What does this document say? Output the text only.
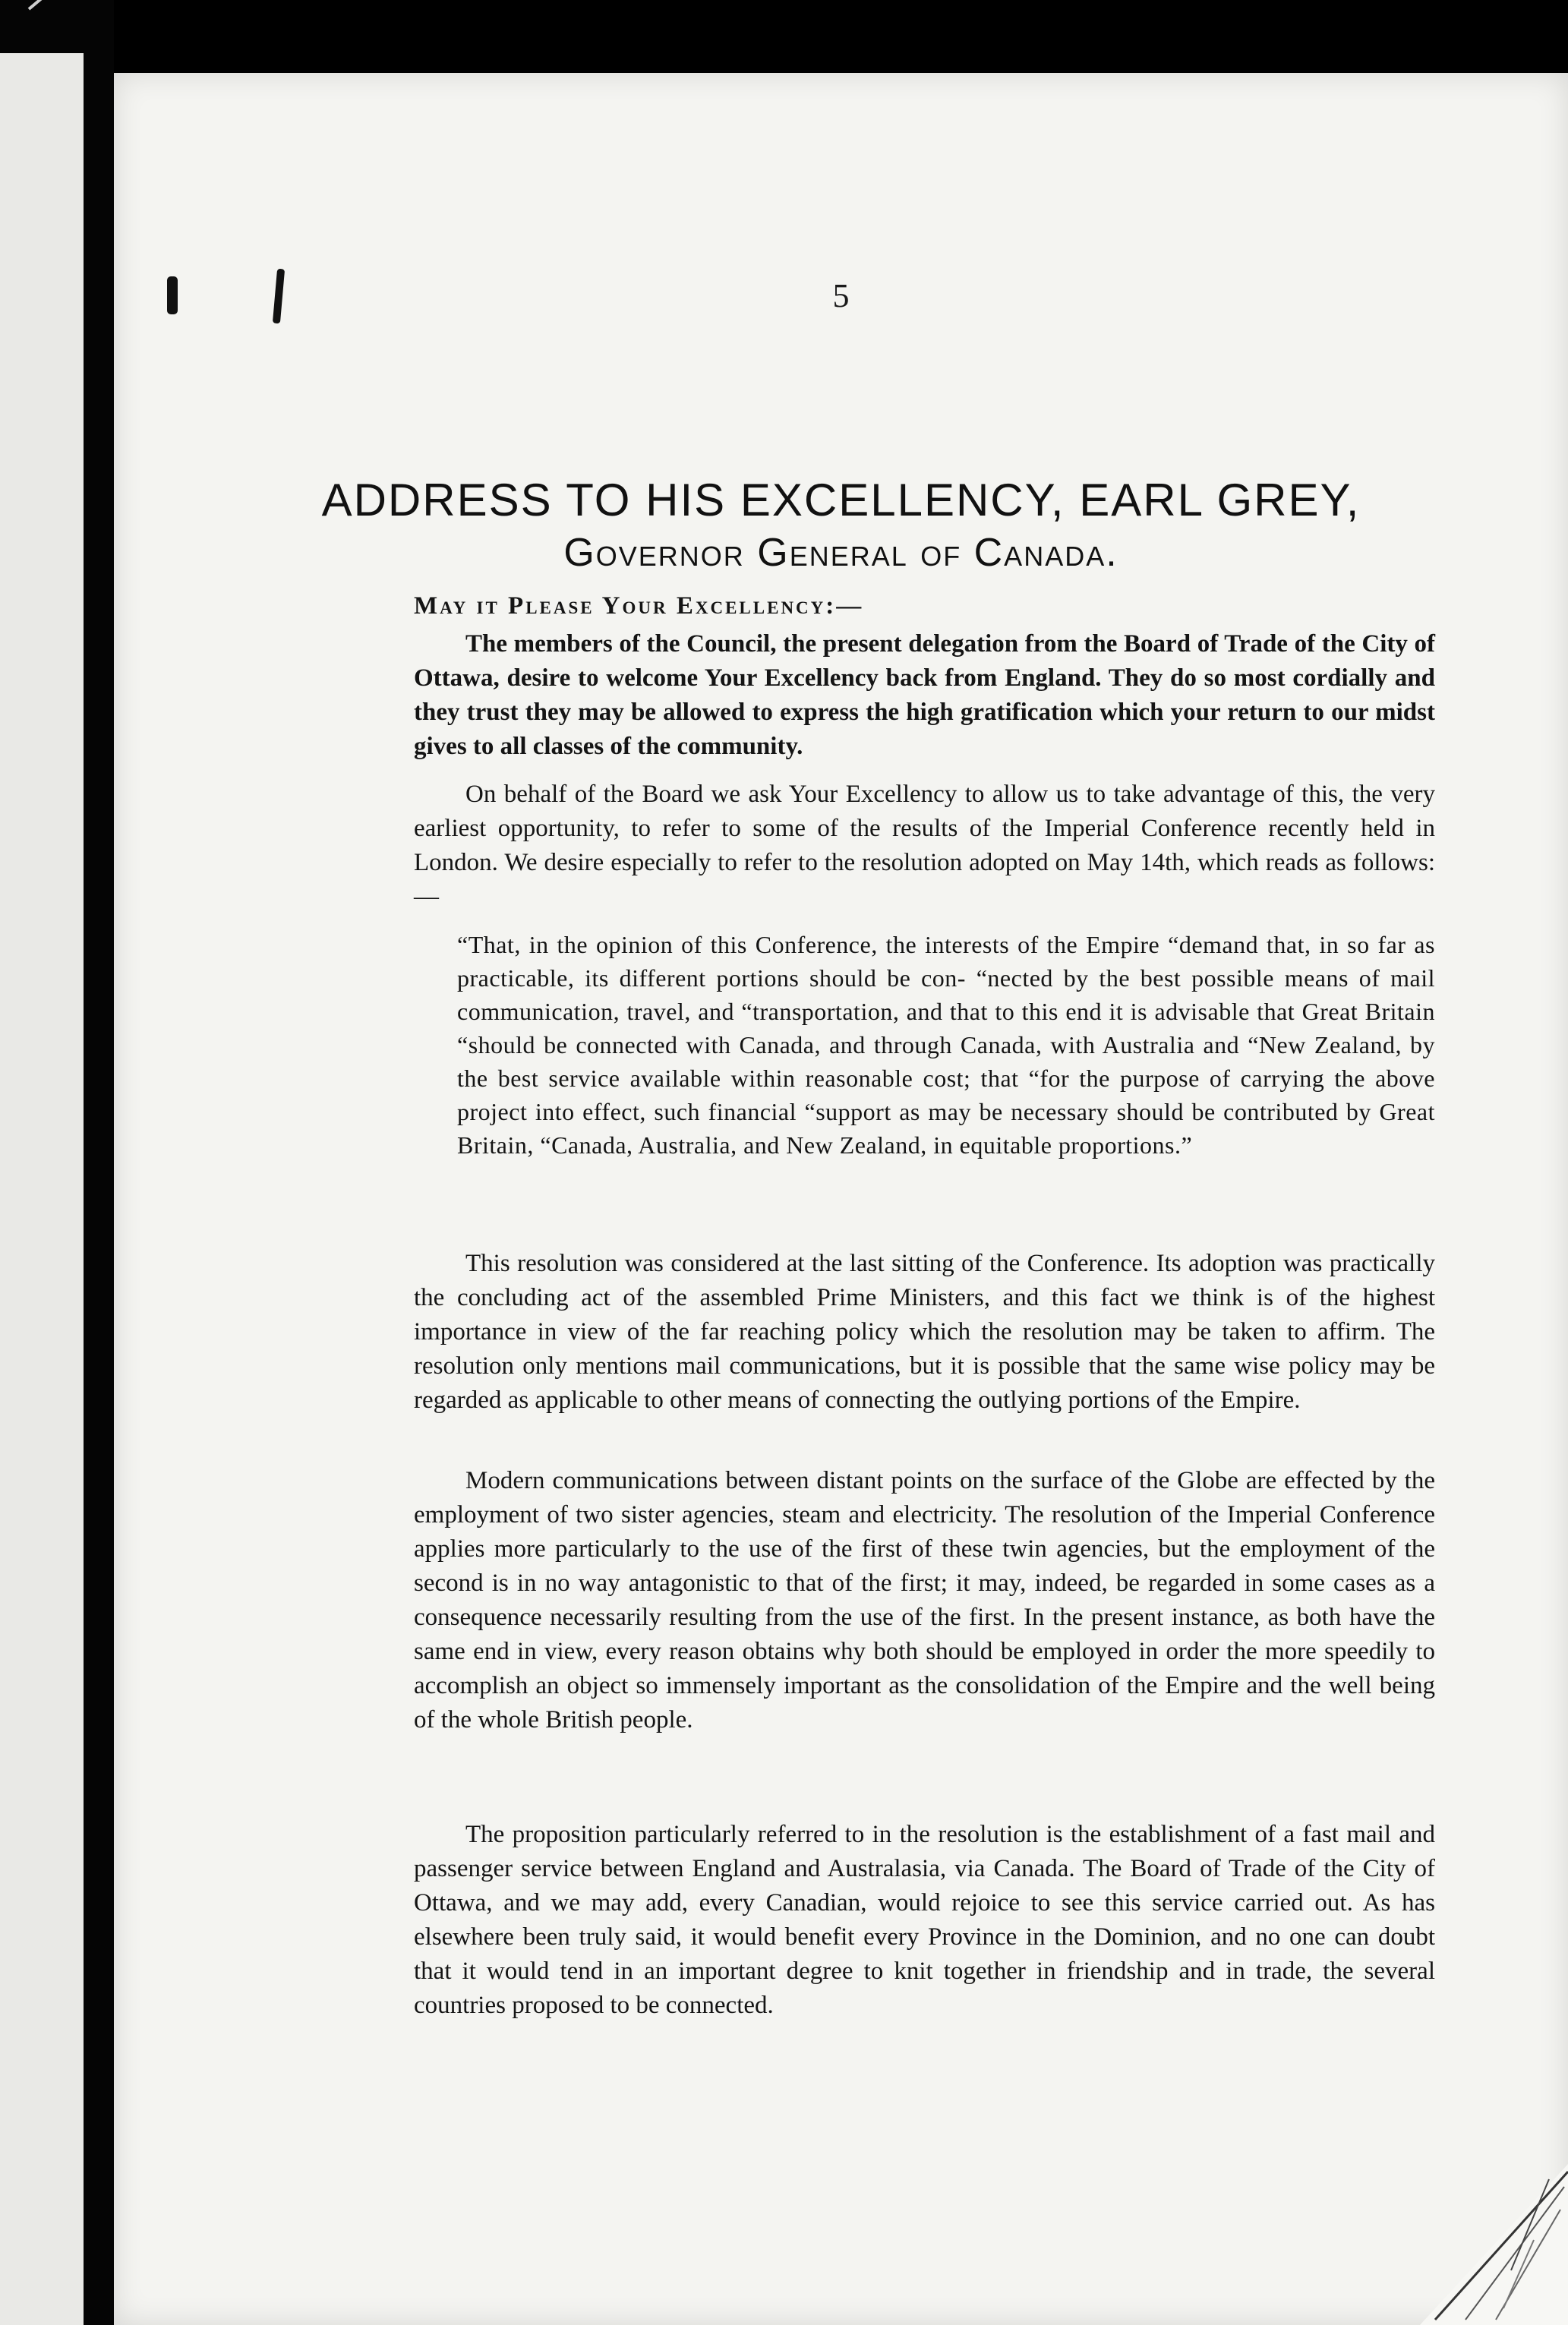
5
ADDRESS TO HIS EXCELLENCY, EARL GREY,
Governor General of Canada.
May it Please Your Excellency:—
The members of the Council, the present delegation from the Board of Trade of the City of Ottawa, desire to welcome Your Excellency back from England. They do so most cordially and they trust they may be allowed to express the high gratification which your return to our midst gives to all classes of the community.
On behalf of the Board we ask Your Excellency to allow us to take advantage of this, the very earliest opportunity, to refer to some of the results of the Imperial Conference recently held in London. We desire especially to refer to the resolution adopted on May 14th, which reads as follows:—
“That, in the opinion of this Conference, the interests of the Empire “demand that, in so far as practicable, its different portions should be con- “nected by the best possible means of mail communication, travel, and “transportation, and that to this end it is advisable that Great Britain “should be connected with Canada, and through Canada, with Australia and “New Zealand, by the best service available within reasonable cost; that “for the purpose of carrying the above project into effect, such financial “support as may be necessary should be contributed by Great Britain, “Canada, Australia, and New Zealand, in equitable proportions.”
This resolution was considered at the last sitting of the Conference. Its adoption was practically the concluding act of the assembled Prime Ministers, and this fact we think is of the highest importance in view of the far reaching policy which the resolution may be taken to affirm. The resolution only mentions mail communications, but it is possible that the same wise policy may be regarded as applicable to other means of connecting the outlying portions of the Empire.
Modern communications between distant points on the surface of the Globe are effected by the employment of two sister agencies, steam and electricity. The resolution of the Imperial Conference applies more particularly to the use of the first of these twin agencies, but the employment of the second is in no way antagonistic to that of the first; it may, indeed, be regarded in some cases as a consequence necessarily resulting from the use of the first. In the present instance, as both have the same end in view, every reason obtains why both should be employed in order the more speedily to accomplish an object so immensely important as the consolidation of the Empire and the well being of the whole British people.
The proposition particularly referred to in the resolution is the establishment of a fast mail and passenger service between England and Australasia, via Canada. The Board of Trade of the City of Ottawa, and we may add, every Canadian, would rejoice to see this service carried out. As has elsewhere been truly said, it would benefit every Province in the Dominion, and no one can doubt that it would tend in an important degree to knit together in friendship and in trade, the several countries proposed to be connected.
